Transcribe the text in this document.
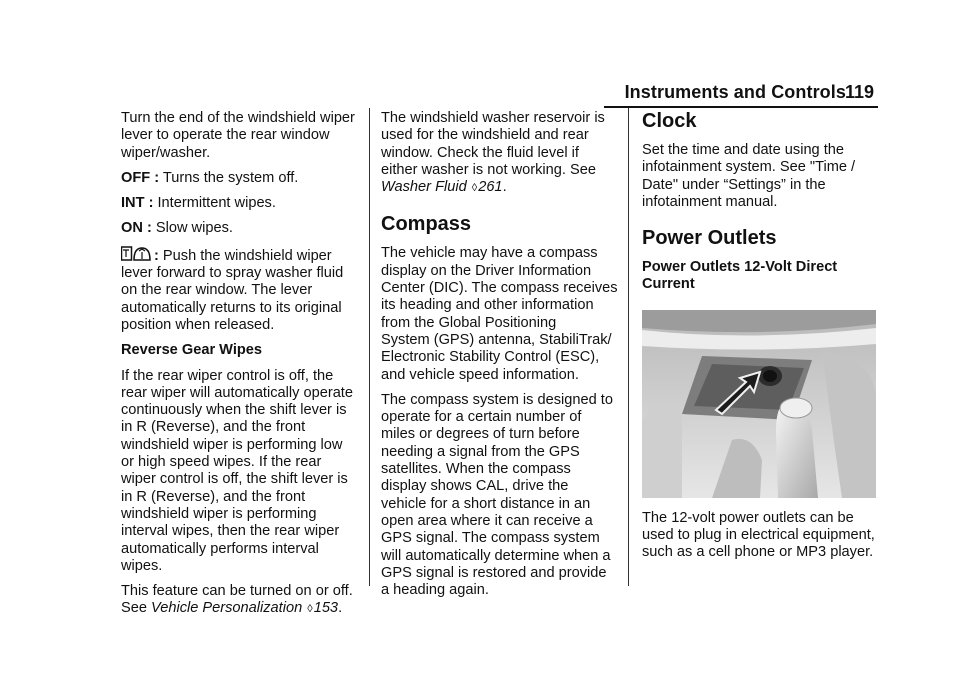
Instruments and Controls 119

Turn the end of the windshield wiper
lever to operate the rear window
wiper/washer.

OFF : Turns the system off.

INT : Intermittent wipes.

ON : Slow wipes.

: Push the windshield wiper
lever forward to spray washer fluid
on the rear window. The lever
automatically returns to its original
position when released.

Reverse Gear Wipes

If the rear wiper control is off, the
rear wiper will automatically operate
continuously when the shift lever is
in R (Reverse), and the front
windshield wiper is performing low
or high speed wipes. If the rear
wiper control is off, the shift lever is
in R (Reverse), and the front
windshield wiper is performing
interval wipes, then the rear wiper
automatically performs interval
wipes.

This feature can be turned on or off.
See Vehicle Personalization ◊153.

The windshield washer reservoir is
used for the windshield and rear
window. Check the fluid level if
either washer is not working. See
Washer Fluid ◊261.

Compass

The vehicle may have a compass
display on the Driver Information
Center (DIC). The compass receives
its heading and other information
from the Global Positioning
System (GPS) antenna, StabiliTrak/
Electronic Stability Control (ESC),
and vehicle speed information.

The compass system is designed to
operate for a certain number of
miles or degrees of turn before
needing a signal from the GPS
satellites. When the compass
display shows CAL, drive the
vehicle for a short distance in an
open area where it can receive a
GPS signal. The compass system
will automatically determine when a
GPS signal is restored and provide
a heading again.

Clock

Set the time and date using the
infotainment system. See "Time /
Date" under “Settings” in the
infotainment manual.

Power Outlets

Power Outlets 12-Volt Direct
Current

The 12-volt power outlets can be
used to plug in electrical equipment,
such as a cell phone or MP3 player.
